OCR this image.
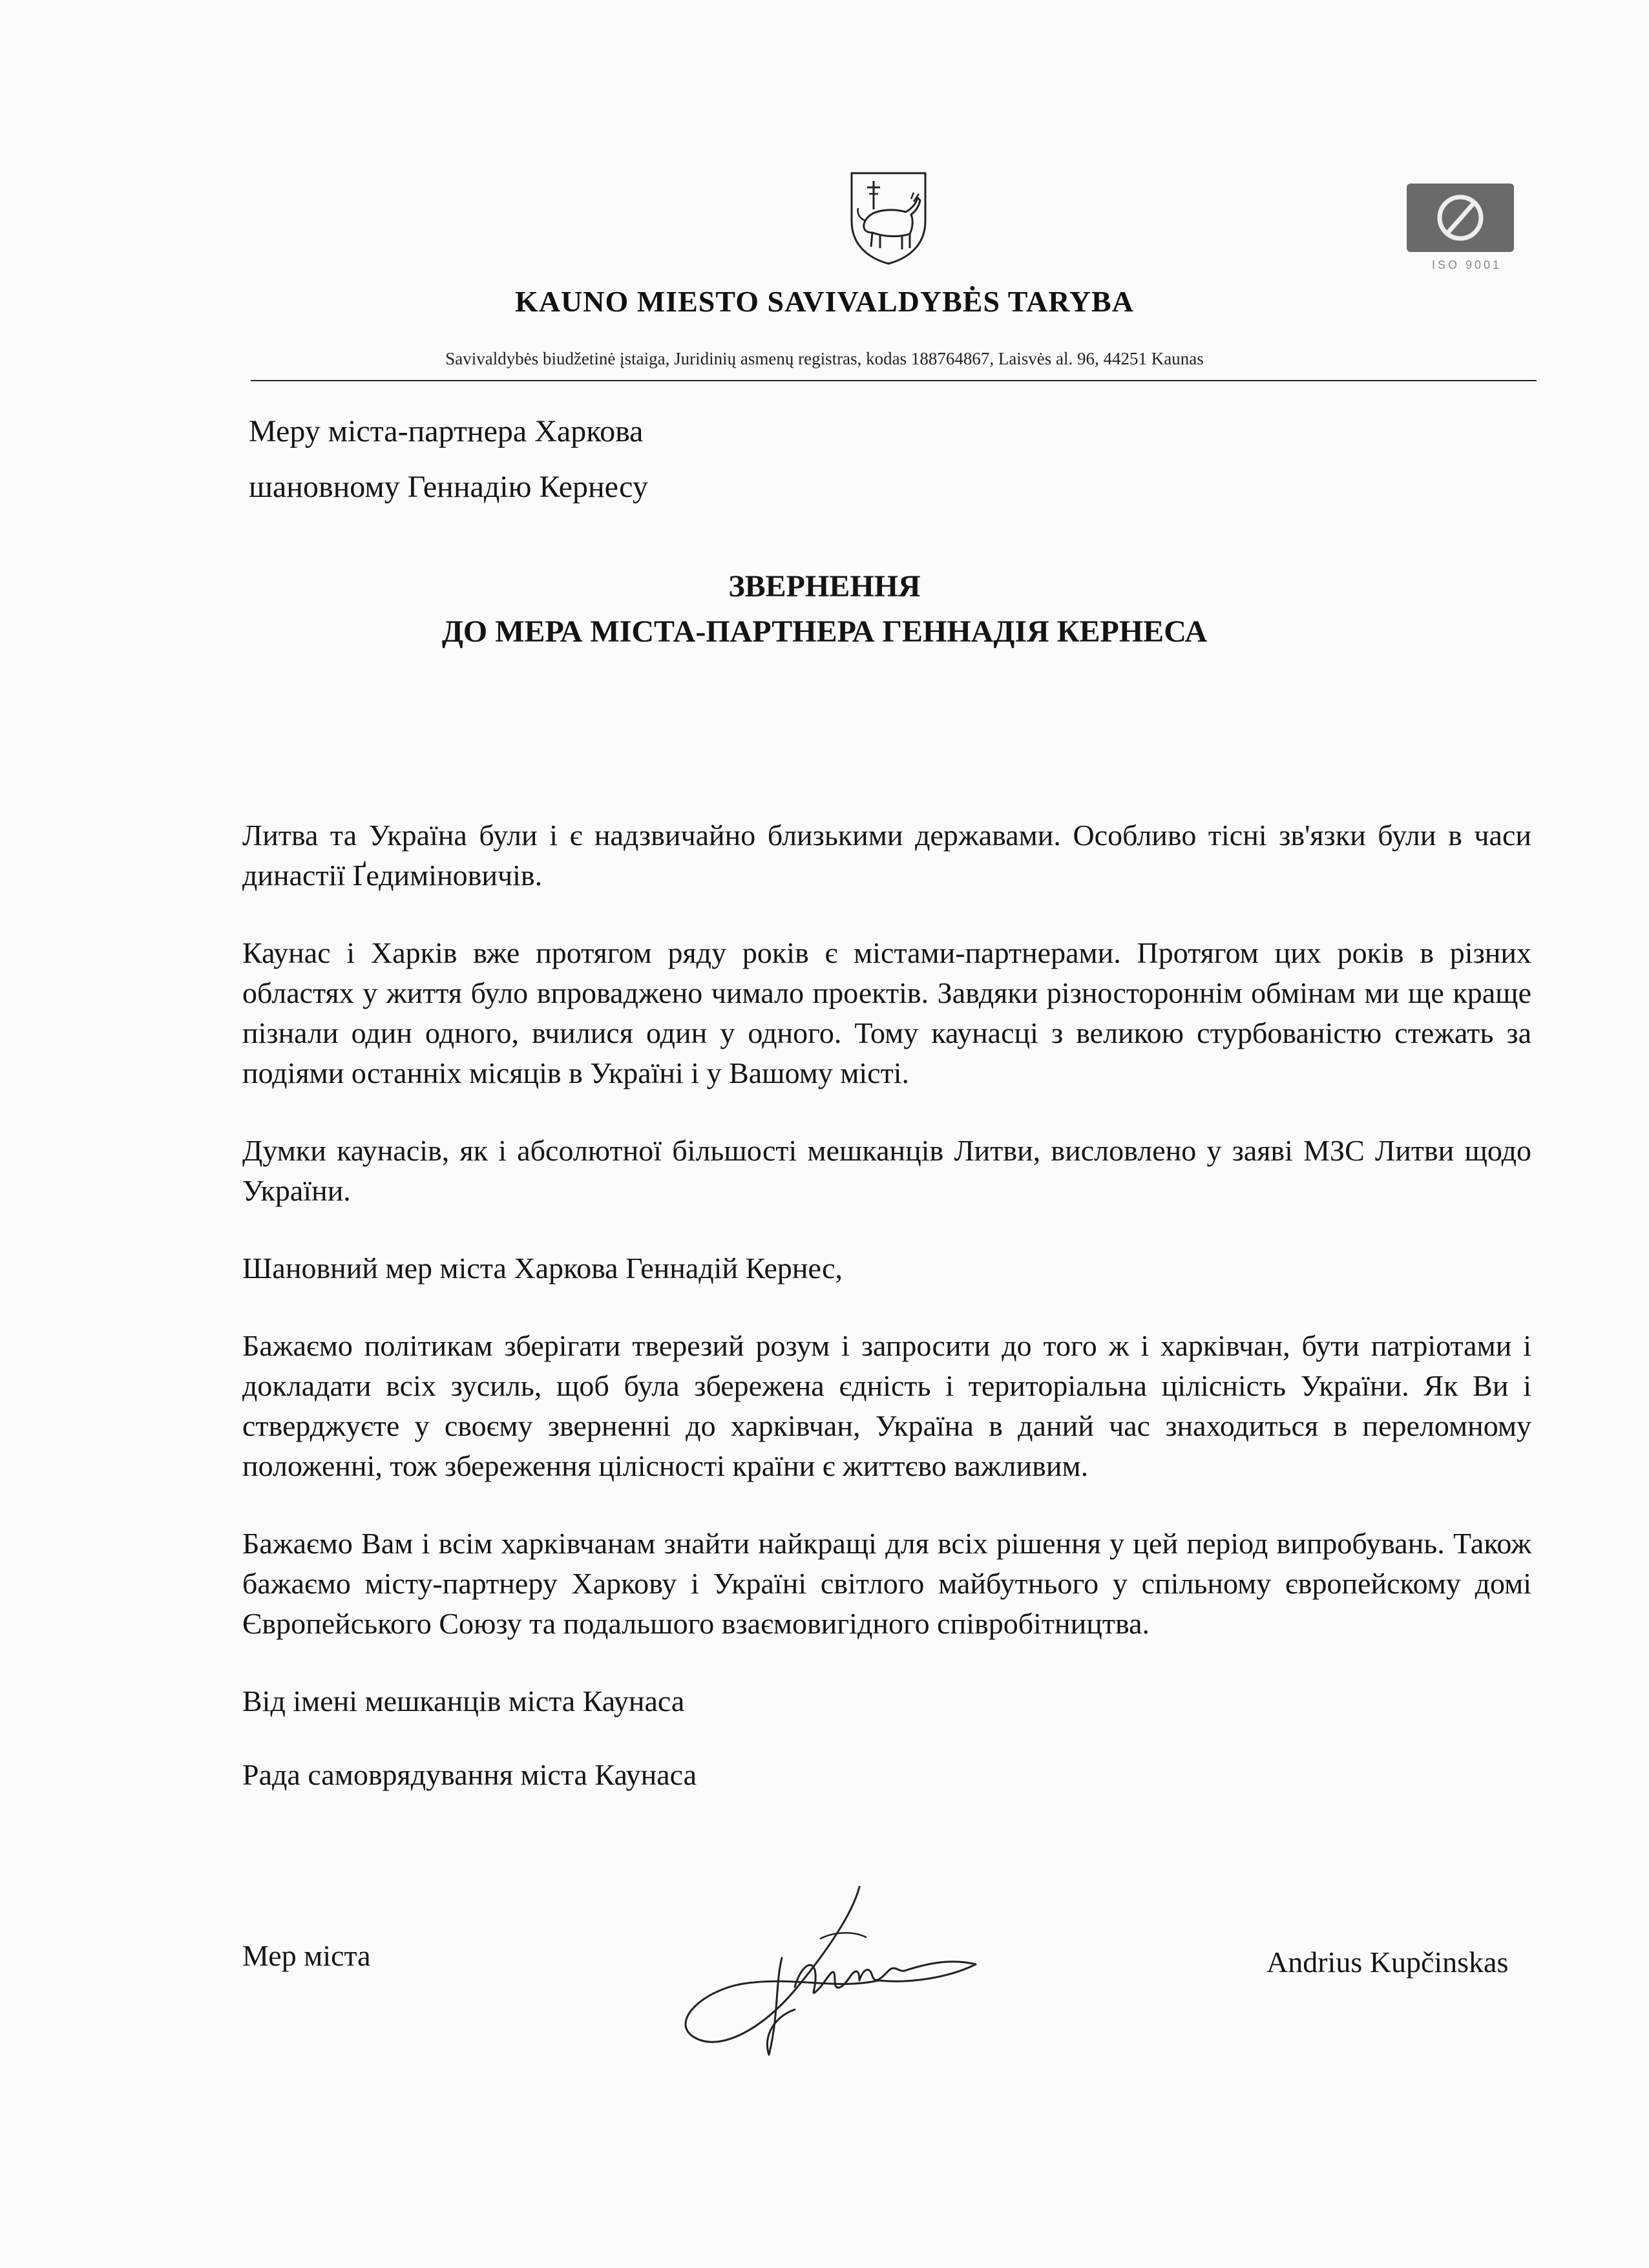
ISO 9001
KAUNO MIESTO SAVIVALDYBĖS TARYBA
Savivaldybės biudžetinė įstaiga, Juridinių asmenų registras, kodas 188764867, Laisvės al. 96, 44251 Kaunas
Меру міста-партнера Харкова
шановному Геннадію Кернесу
ЗВЕРНЕННЯ
ДО МЕРА МІСТА-ПАРТНЕРА ГЕННАДІЯ КЕРНЕСА

Литва та Україна були і є надзвичайно близькими державами. Особливо тісні зв'язки були в часи династії Ґедиміновичів.

Каунас і Харків вже протягом ряду років є містами-партнерами. Протягом цих років в різних областях у життя було впроваджено чимало проектів. Завдяки різностороннім обмінам ми ще краще пізнали один одного, вчилися один у одного. Тому каунасці з великою стурбованістю стежать за подіями останніх місяців в Україні і у Вашому місті.

Думки каунасів, як і абсолютної більшості мешканців Литви, висловлено у заяві МЗС Литви щодо України.

Шановний мер міста Харкова Геннадій Кернес,

Бажаємо політикам зберігати тверезий розум і запросити до того ж і харківчан, бути патріотами і докладати всіх зусиль, щоб була збережена єдність і територіальна цілісність України. Як Ви і стверджуєте у своєму зверненні до харківчан, Україна в даний час знаходиться в переломному положенні, тож збереження цілісності країни є життєво важливим.

Бажаємо Вам і всім харківчанам знайти найкращі для всіх рішення у цей період випробувань. Також бажаємо місту-партнеру Харкову і Україні світлого майбутнього у спільному європейскому домі Європейського Союзу та подальшого взаємовигідного співробітництва.

Від імені мешканців міста Каунаса

Рада самоврядування міста Каунаса

Мер міста	Andrius Kupčinskas
